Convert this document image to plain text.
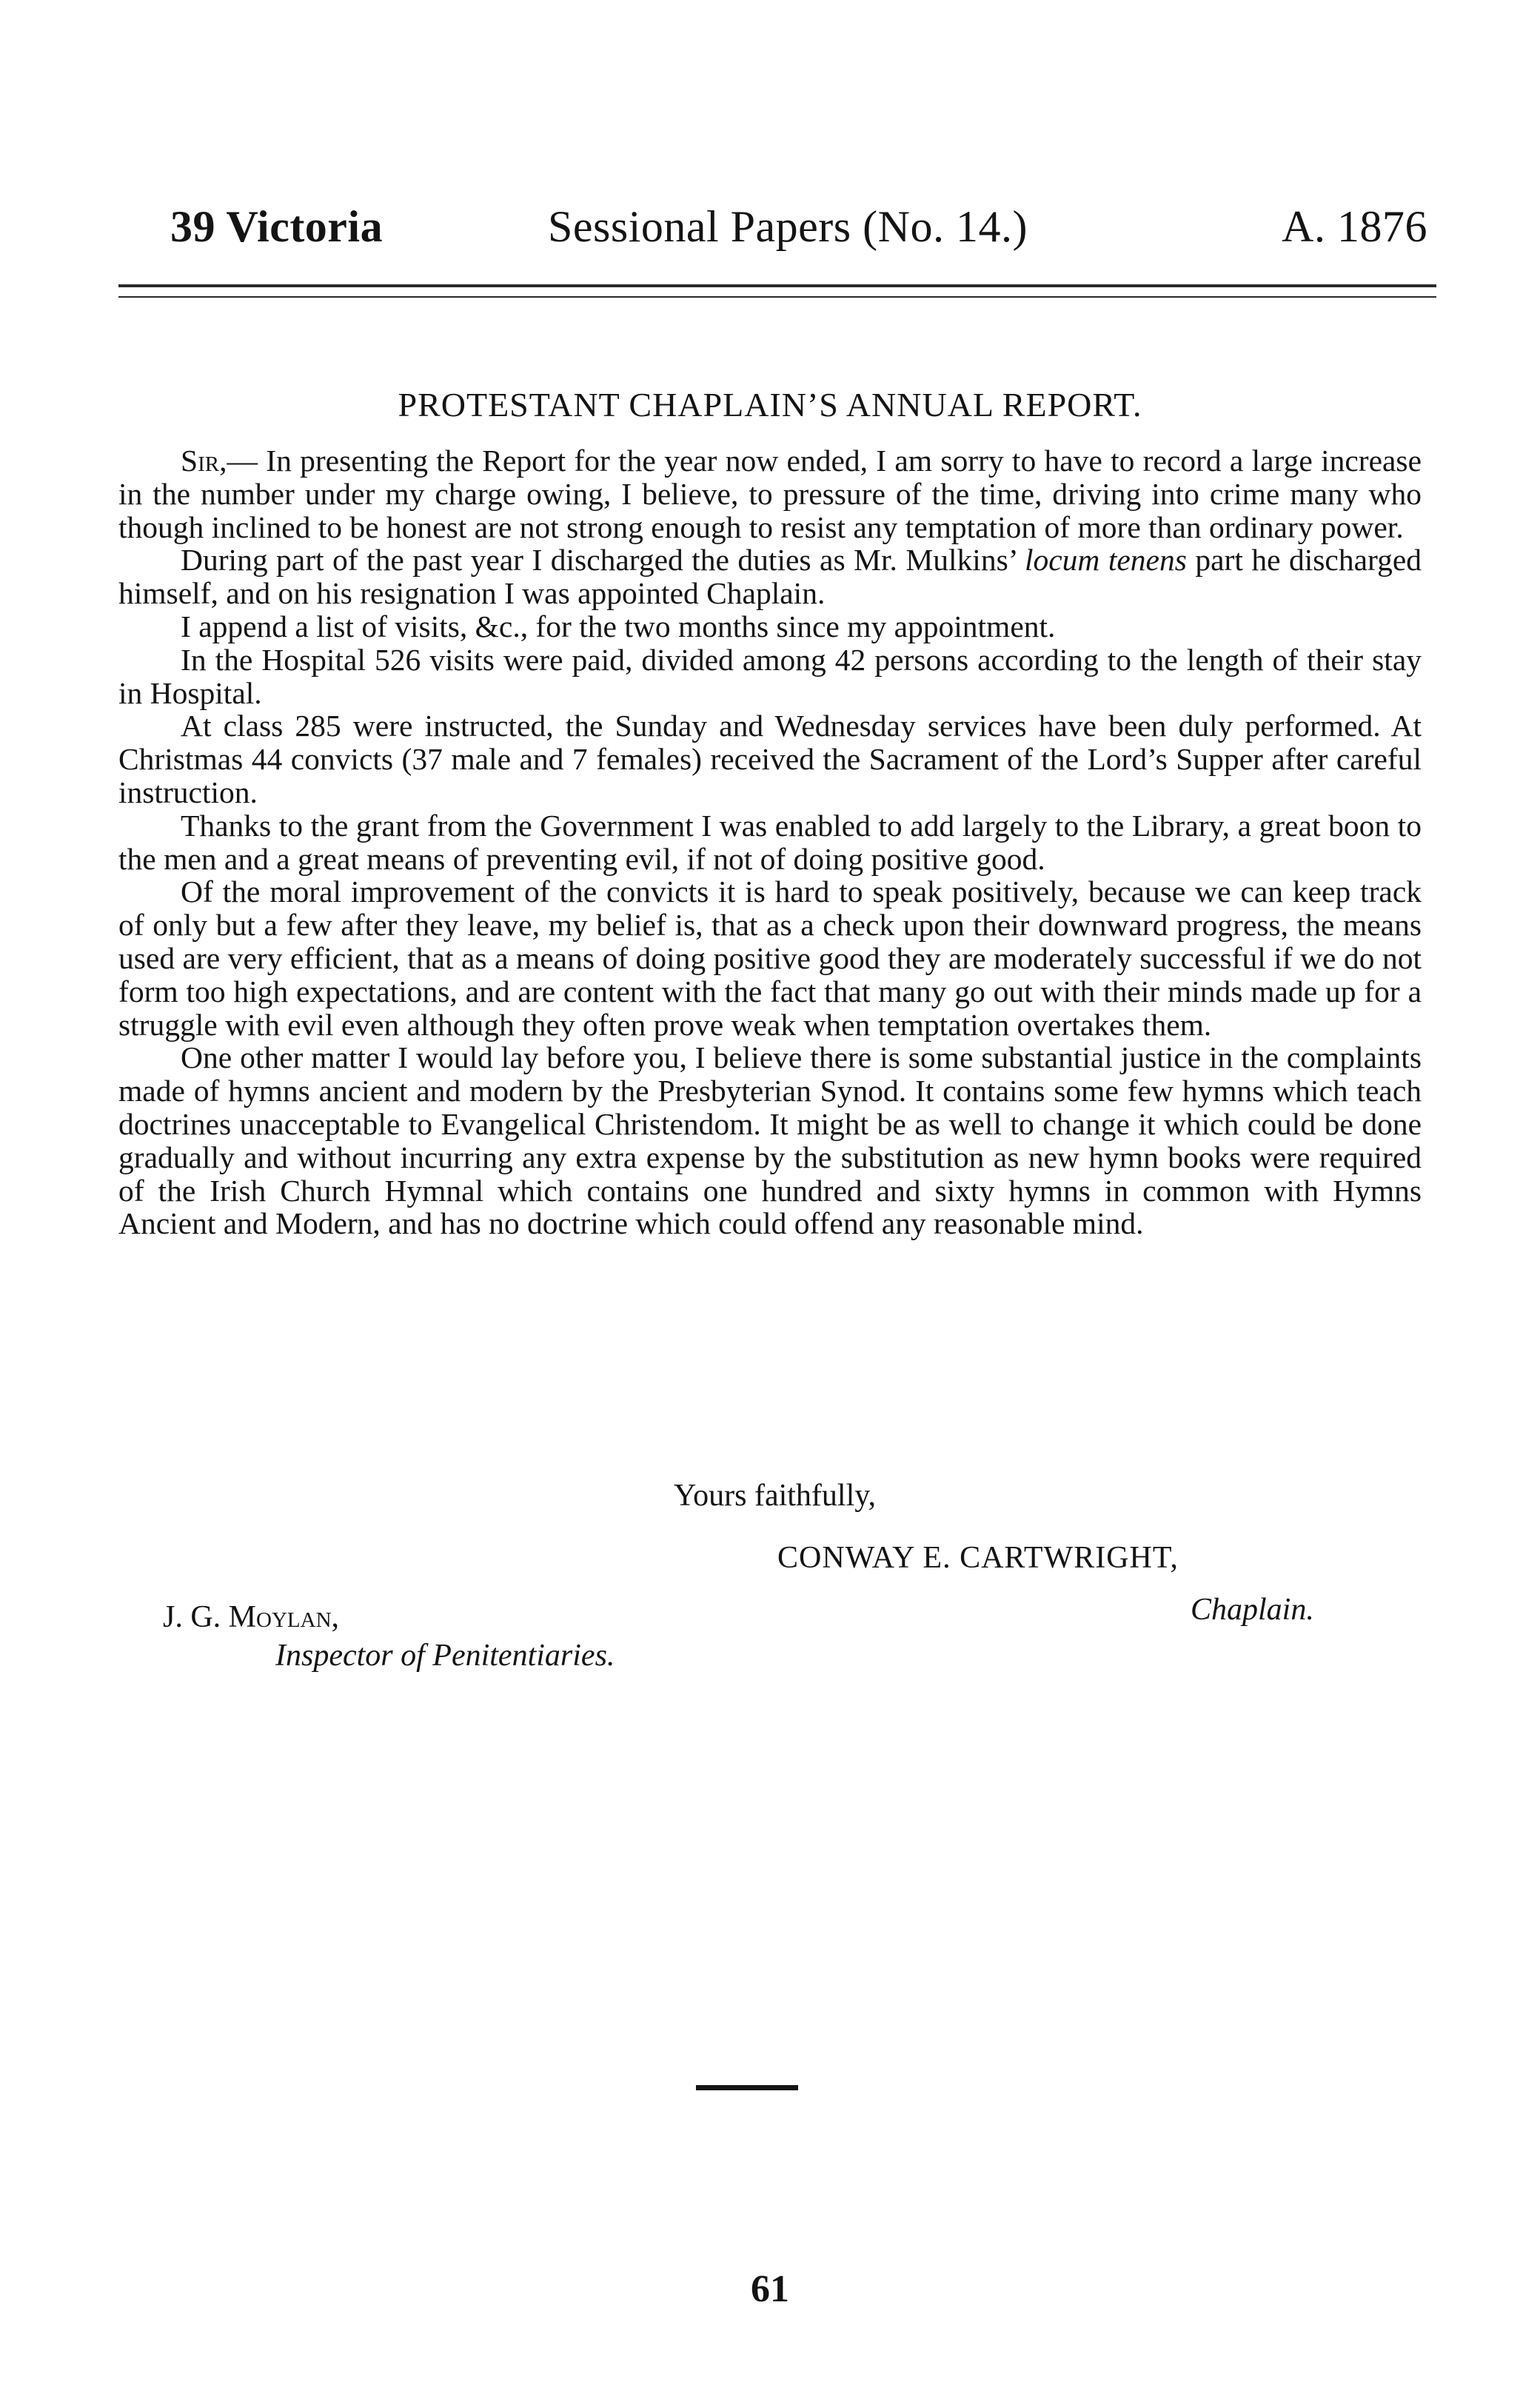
39 Victoria	Sessional Papers (No. 14.)	A. 1876
PROTESTANT CHAPLAIN’S ANNUAL REPORT.

Sir,— In presenting the Report for the year now ended, I am sorry to have to record a large increase in the number under my charge owing, I believe, to pressure of the time, driving into crime many who though inclined to be honest are not strong enough to resist any temptation of more than ordinary power.

During part of the past year I discharged the duties as Mr. Mulkins’ locum tenens part he discharged himself, and on his resignation I was appointed Chaplain.

I append a list of visits, &c., for the two months since my appointment.

In the Hospital 526 visits were paid, divided among 42 persons according to the length of their stay in Hospital.

At class 285 were instructed, the Sunday and Wednesday services have been duly performed. At Christmas 44 convicts (37 male and 7 females) received the Sacrament of the Lord’s Supper after careful instruction.

Thanks to the grant from the Government I was enabled to add largely to the Library, a great boon to the men and a great means of preventing evil, if not of doing positive good.

Of the moral improvement of the convicts it is hard to speak positively, because we can keep track of only but a few after they leave, my belief is, that as a check upon their downward progress, the means used are very efficient, that as a means of doing positive good they are moderately successful if we do not form too high expectations, and are content with the fact that many go out with their minds made up for a struggle with evil even although they often prove weak when temptation overtakes them.

One other matter I would lay before you, I believe there is some substantial justice in the complaints made of hymns ancient and modern by the Presbyterian Synod. It contains some few hymns which teach doctrines unacceptable to Evangelical Christendom. It might be as well to change it which could be done gradually and without incurring any extra expense by the substitution as new hymn books were required of the Irish Church Hymnal which contains one hundred and sixty hymns in common with Hymns Ancient and Modern, and has no doctrine which could offend any reasonable mind.

Yours faithfully,
CONWAY E. CARTWRIGHT,
Chaplain.
J. G. Moylan,
Inspector of Penitentiaries.
61
